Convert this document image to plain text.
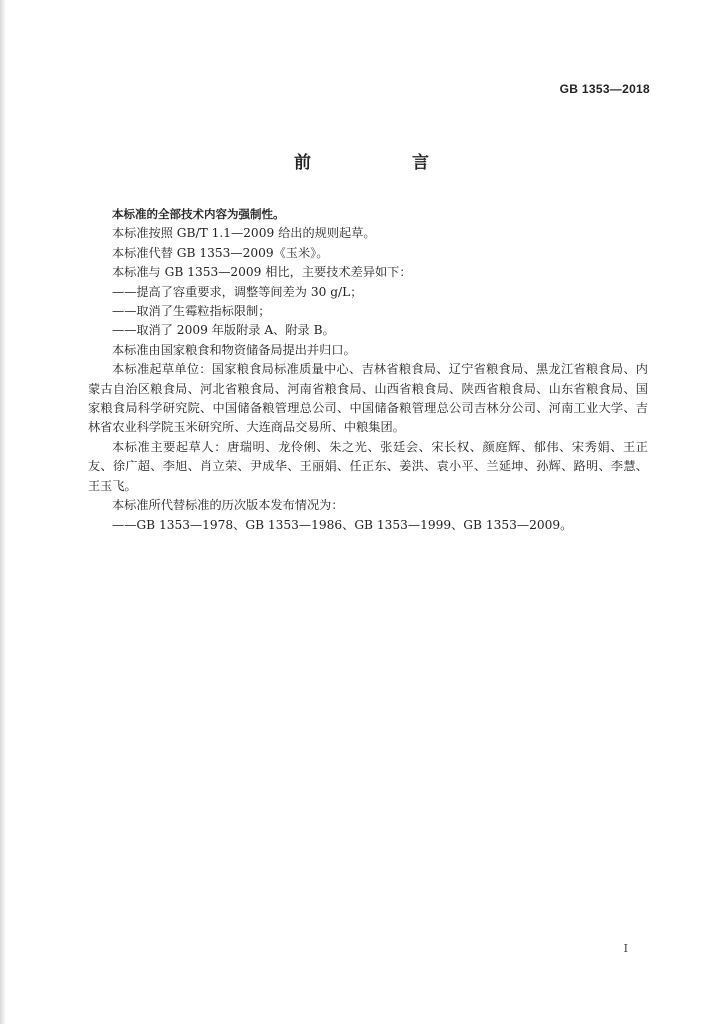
GB 1353—2018
前　言

本标准的全部技术内容为强制性。

本标准按照 GB/T 1.1—2009 给出的规则起草。

本标准代替 GB 1353—2009《玉米》。

本标准与 GB 1353—2009 相比，主要技术差异如下：

——提高了容重要求，调整等间差为 30 g/L；

——取消了生霉粒指标限制；

——取消了 2009 年版附录 A、附录 B。

本标准由国家粮食和物资储备局提出并归口。

本标准起草单位：国家粮食局标准质量中心、吉林省粮食局、辽宁省粮食局、黑龙江省粮食局、内蒙古自治区粮食局、河北省粮食局、河南省粮食局、山西省粮食局、陕西省粮食局、山东省粮食局、国家粮食局科学研究院、中国储备粮管理总公司、中国储备粮管理总公司吉林分公司、河南工业大学、吉林省农业科学院玉米研究所、大连商品交易所、中粮集团。

本标准主要起草人：唐瑞明、龙伶俐、朱之光、张廷会、宋长权、颜庭辉、郁伟、宋秀娟、王正友、徐广超、李旭、肖立荣、尹成华、王丽娟、任正东、姜洪、袁小平、兰延坤、孙辉、路明、李慧、王玉飞。

本标准所代替标准的历次版本发布情况为：

——GB 1353—1978、GB 1353—1986、GB 1353—1999、GB 1353—2009。

I
